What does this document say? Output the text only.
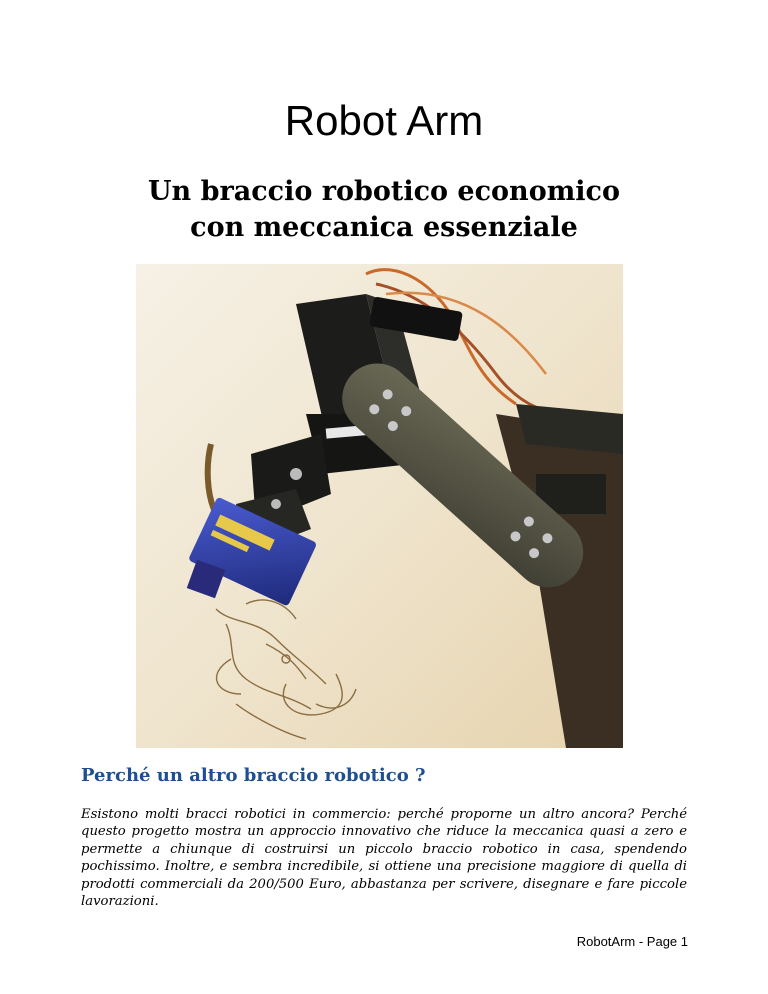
Robot Arm
Un braccio robotico economico
con meccanica essenziale
Perché un altro braccio robotico ?

Esistono molti bracci robotici in commercio: perché proporne un altro ancora? Perché questo progetto mostra un approccio innovativo che riduce la meccanica quasi a zero e permette a chiunque di costruirsi un piccolo braccio robotico in casa, spendendo pochissimo. Inoltre, e sembra incredibile, si ottiene una precisione maggiore di quella di prodotti commerciali da 200/500 Euro, abbastanza per scrivere, disegnare e fare piccole lavorazioni.

RobotArm - Page 1
